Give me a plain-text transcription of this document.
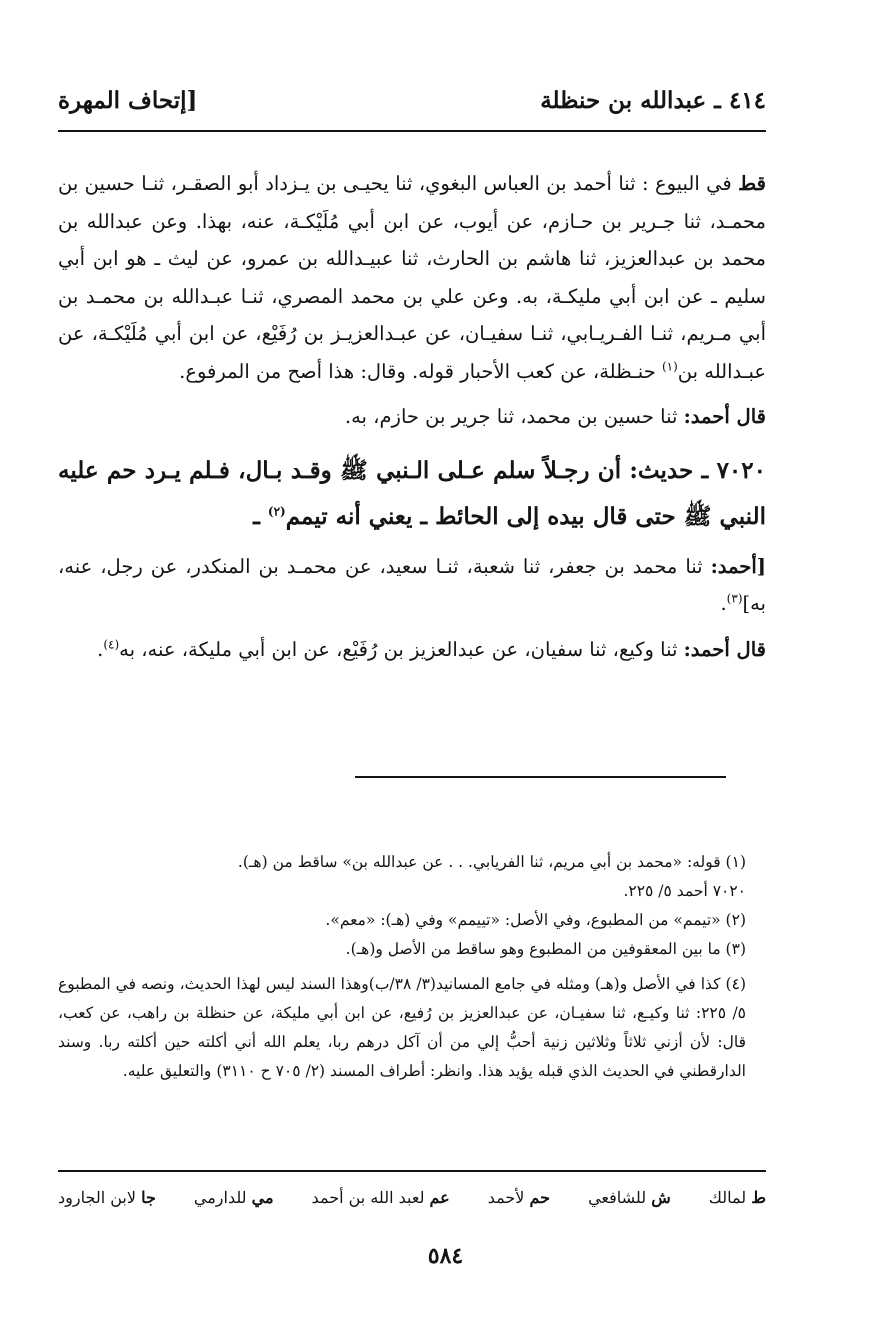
٤١٤ ـ عبدالله بن حنظلة
[إتحاف المهرة

قط في البيوع : ثنا أحمد بن العباس البغوي، ثنا يحيـى بن يـزداد أبو الصقـر، ثنـا حسين بن محمـد، ثنا جـرير بن حـازم، عن أيوب، عن ابن أبي مُلَيْكـة، عنه، بهذا. وعن عبدالله بن محمد بن عبدالعزيز، ثنا هاشم بن الحارث، ثنا عبيـدالله بن عمرو، عن ليث ـ هو ابن أبي سليم ـ عن ابن أبي مليكـة، به. وعن علي بن محمد المصري، ثنـا عبـدالله بن محمـد بن أبي مـريم، ثنـا الفـريـابي، ثنـا سفيـان، عن عبـدالعزيـز بن رُفَيْع، عن ابن أبي مُلَيْكـة، عن عبـدالله بن$^{(١)}$ حنـظلة، عن كعب الأحبار قوله. وقال: هذا أصح من المرفوع.

قال أحمد: ثنا حسين بن محمد، ثنا جرير بن حازم، به.

٧٠٢٠ ـ حديث: أن رجـلاً سلم عـلى الـنبي ﷺ وقـد بـال، فـلم يـرد حم عليه النبي ﷺ حتى قال بيده إلى الحائط ـ يعني أنه تيمم$^{(٢)}$ ـ

[أحمد: ثنا محمد بن جعفر، ثنا شعبة، ثنـا سعيد، عن محمـد بن المنكدر، عن رجل، عنه، به]$^{(٣)}$.

قال أحمد: ثنا وكيع، ثنا سفيان، عن عبدالعزيز بن رُفَيْع، عن ابن أبي مليكة، عنه، به$^{(٤)}$.

(١) قوله: «محمد بن أبي مريم، ثنا الفريابي. . . عن عبدالله بن» ساقط من (هـ).

٧٠٢٠ أحمد ٥/ ٢٢٥.

(٢) «تيمم» من المطبوع، وفي الأصل: «تييمم» وفي (هـ): «معم».

(٣) ما بين المعقوفين من المطبوع وهو ساقط من الأصل و(هـ).

(٤) كذا في الأصل و(هـ) ومثله في جامع المسانيد(٣/ ٣٨/ب)وهذا السند ليس لهذا الحديث، ونصه في المطبوع ٥/ ٢٢٥: ثنا وكيـع، ثنا سفيـان، عن عبدالعزيز بن رُفيع، عن ابن أبي مليكة، عن حنظلة بن راهب، عن كعب، قال: لأن أزني ثلاثاً وثلاثين زنية أحبُّ إلي من أن آكل درهم ربا، يعلم الله أني أكلته حين أكلته ربا. وسند الدارقطني في الحديث الذي قبله يؤيد هذا. وانظر: أطراف المسند (٢/ ٧٠٥ ح ٣١١٠) والتعليق عليه.

ط لمالك
ش للشافعي
حم لأحمد
عم لعبد الله بن أحمد
مي للدارمي
جا لابن الجارود
٥٨٤
